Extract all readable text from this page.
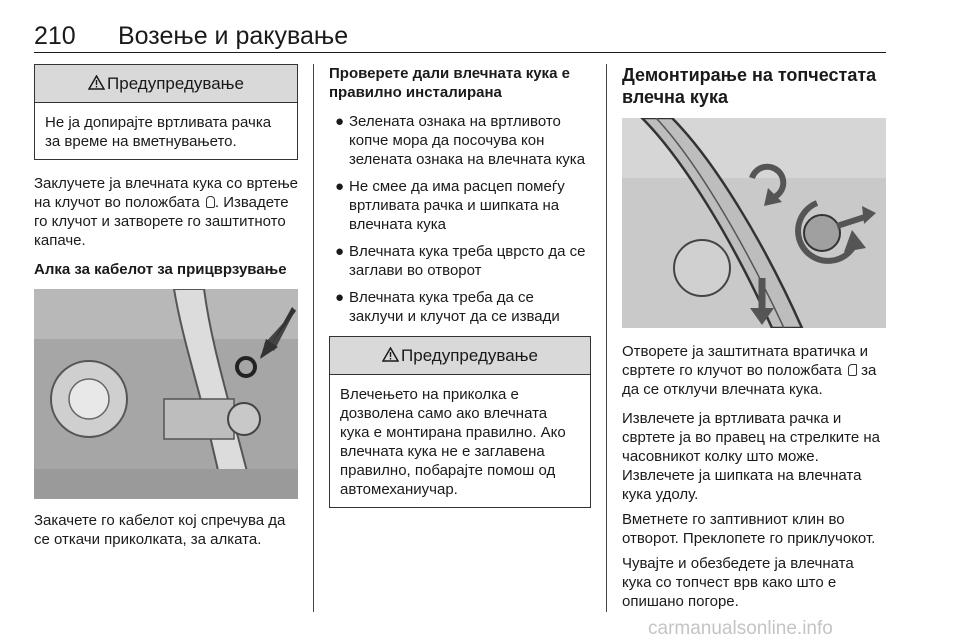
210 Возење и ракување
Предупредување
Не ја допирајте вртливата рачка за време на вметнувањето.

Заклучете ја влечната кука со вртење на клучот во положбата . Извадете го клучот и затворете го заштитното капаче.

Алка за кабелот за прицврзување

Закачете го кабелот кој спречува да се откачи приколката, за алката.

Проверете дали влечната кука е правилно инсталирана
● Зелената ознака на вртливото копче мора да посочува кон зелената ознака на влечната кука
● Не смее да има расцеп помеѓу вртливата рачка и шипката на влечната кука
● Влечната кука треба цврсто да се заглави во отворот
● Влечната кука треба да се заклучи и клучот да се извади
Предупредување
Влечењето на приколка е дозволена само ако влечната кука е монтирана правилно. Ако влечната кука не е заглавена правилно, побарајте помош од автомеханиучар.
Демонтирање на топчестата влечна кука

Отворете ја заштитната вратичка и свртете го клучот во положбата  за да се отклучи влечната кука.

Извлечете ја вртливата рачка и свртете ја во правец на стрелките на часовникот колку што може. Извлечете ја шипката на влечната кука удолу.

Вметнете го заптивниот клин во отворот. Преклопете го приклучокот.

Чувајте и обезбедете ја влечната кука со топчест врв како што е опишано погоре.

carmanualsonline.info
